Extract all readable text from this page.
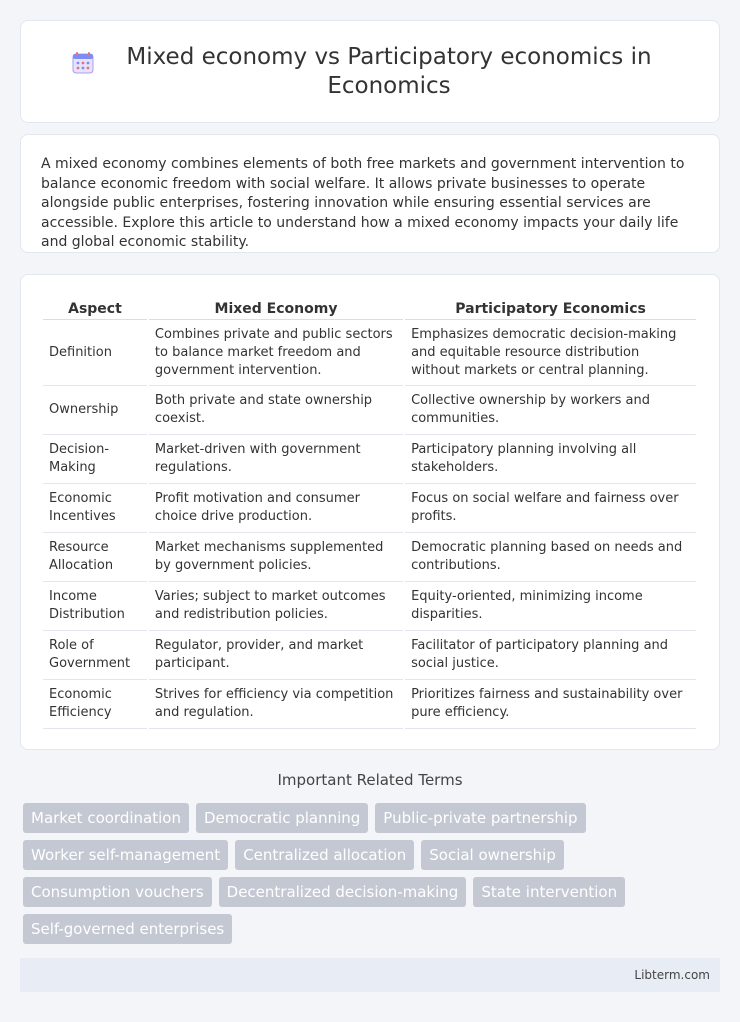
Mixed economy vs Participatory economics in Economics

A mixed economy combines elements of both free markets and government intervention to balance economic freedom with social welfare. It allows private businesses to operate alongside public enterprises, fostering innovation while ensuring essential services are accessible. Explore this article to understand how a mixed economy impacts your daily life and global economic stability.

Aspect	Mixed Economy	Participatory Economics
Definition	Combines private and public sectors to balance market freedom and government intervention.	Emphasizes democratic decision-making and equitable resource distribution without markets or central planning.
Ownership	Both private and state ownership coexist.	Collective ownership by workers and communities.
Decision-Making	Market-driven with government regulations.	Participatory planning involving all stakeholders.
Economic Incentives	Profit motivation and consumer choice drive production.	Focus on social welfare and fairness over profits.
Resource Allocation	Market mechanisms supplemented by government policies.	Democratic planning based on needs and contributions.
Income Distribution	Varies; subject to market outcomes and redistribution policies.	Equity-oriented, minimizing income disparities.
Role of Government	Regulator, provider, and market participant.	Facilitator of participatory planning and social justice.
Economic Efficiency	Strives for efficiency via competition and regulation.	Prioritizes fairness and sustainability over pure efficiency.
Important Related Terms
Market coordination	Democratic planning	Public-private partnership
Worker self-management	Centralized allocation	Social ownership
Consumption vouchers	Decentralized decision-making	State intervention
Self-governed enterprises
Libterm.com
